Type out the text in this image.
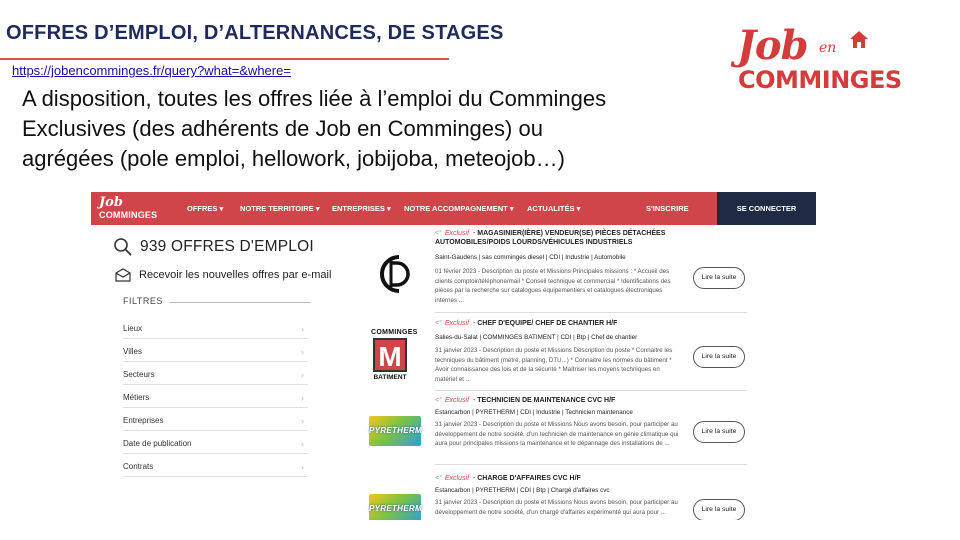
OFFRES D’EMPLOI, D’ALTERNANCES, DE STAGES
https://jobencomminges.fr/query?what=&where=
A disposition, toutes les offres liée à l’emploi du Comminges
Exclusives (des adhérents de Job en Comminges) ou
agrégées (pole emploi, hellowork, jobijoba, meteojob…)
Job en
COMMINGES
Job
COMMINGES
OFFRES ▾ NOTRE TERRITOIRE ▾ ENTREPRISES ▾ NOTRE ACCOMPAGNEMENT ▾ ACTUALITÉS ▾	S'INSCRIRE	SE CONNECTER
939 OFFRES D'EMPLOI
Recevoir les nouvelles offres par e-mail
FILTRES
Lieux	›
Villes	›
Secteurs	›
Métiers	›
Entreprises	›
Date de publication	›
Contrats	›
<° Exclusif - MAGASINIER(IÈRE) VENDEUR(SE) PIÈCES DÉTACHÉES AUTOMOBILES/POIDS LOURDS/VÉHICULES INDUSTRIELS
Saint-Gaudens | sas comminges diesel | CDI | Industrie | Automobile
01 février 2023 - Description du poste et Missions Principales missions : * Accueil des clients comptoir/téléphone/mail * Conseil technique et commercial * Identifications des pièces par la recherche sur catalogues équipementiers et catalogues électroniques internes ...
Lire la suite
COMMINGES
M
BATIMENT
<° Exclusif - CHEF D'EQUIPE/ CHEF DE CHANTIER H/F
Salies-du-Salat | COMMINGES BATIMENT | CDI | Btp | Chef de chantier
31 janvier 2023 - Description du poste et Missions Description du poste * Connaitre les techniques du bâtiment (métré, planning, DTU...) * Connaitre les normes du bâtiment * Avoir connaissance des lois et de la sécurité * Maîtriser les moyens techniques en matériel et ...
Lire la suite
PYRETHERM
<° Exclusif - TECHNICIEN DE MAINTENANCE CVC H/F
Estancarbon | PYRETHERM | CDI | Industrie | Technicien maintenance
31 janvier 2023 - Description du poste et Missions Nous avons besoin, pour participer au développement de notre société, d'un technicien de maintenance en génie climatique qui aura pour principales missions la maintenance et le dépannage des installations de ...
Lire la suite
PYRETHERM
<° Exclusif - CHARGE D'AFFAIRES CVC H/F
Estancarbon | PYRETHERM | CDI | Btp | Chargé d'affaires cvc
31 janvier 2023 - Description du poste et Missions Nous avons besoin, pour participer au développement de notre société, d'un chargé d'affaires expérimenté qui aura pour ...	Lire la suite
